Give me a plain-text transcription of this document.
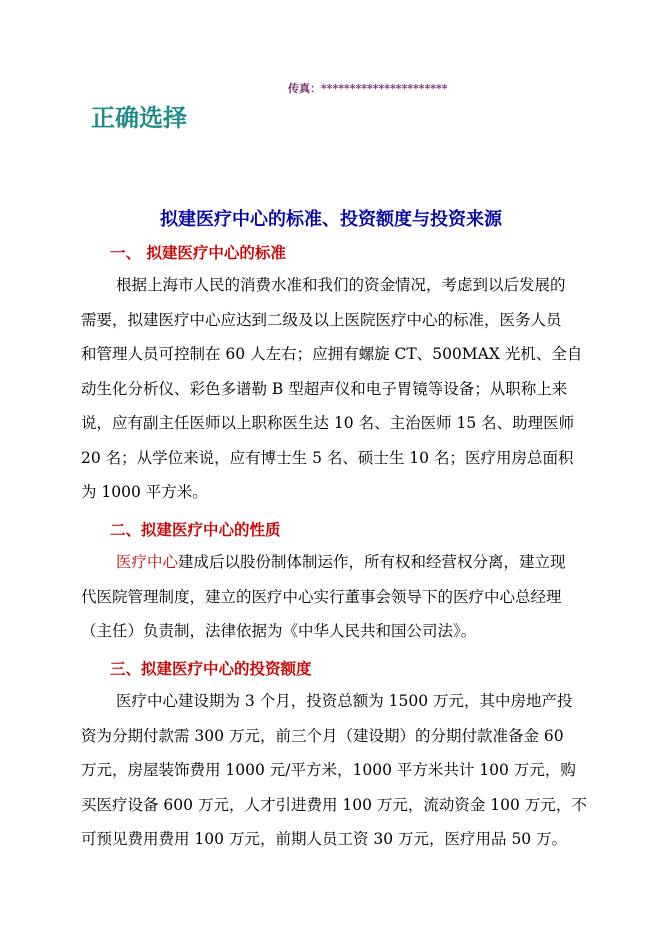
传真：**********************
正确选择
拟建医疗中心的标准、投资额度与投资来源
一、 拟建医疗中心的标准
根据上海市人民的消费水准和我们的资金情况，考虑到以后发展的
需要，拟建医疗中心应达到二级及以上医院医疗中心的标准，医务人员
和管理人员可控制在 60 人左右；应拥有螺旋 CT、500MAX 光机、全自
动生化分析仪、彩色多谱勒 B 型超声仪和电子胃镜等设备；从职称上来
说，应有副主任医师以上职称医生达 10 名、主治医师 15 名、助理医师
20 名；从学位来说，应有博士生 5 名、硕士生 10 名；医疗用房总面积
为 1000 平方米。
二、拟建医疗中心的性质
医疗中心建成后以股份制体制运作，所有权和经营权分离，建立现
代医院管理制度，建立的医疗中心实行董事会领导下的医疗中心总经理
（主任）负责制，法律依据为《中华人民共和国公司法》。
三、拟建医疗中心的投资额度
医疗中心建设期为 3 个月，投资总额为 1500 万元，其中房地产投
资为分期付款需 300 万元，前三个月（建设期）的分期付款准备金 60
万元，房屋装饰费用 1000 元/平方米，1000 平方米共计 100 万元，购
买医疗设备 600 万元，人才引进费用 100 万元，流动资金 100 万元，不
可预见费用费用 100 万元，前期人员工资 30 万元，医疗用品 50 万。
